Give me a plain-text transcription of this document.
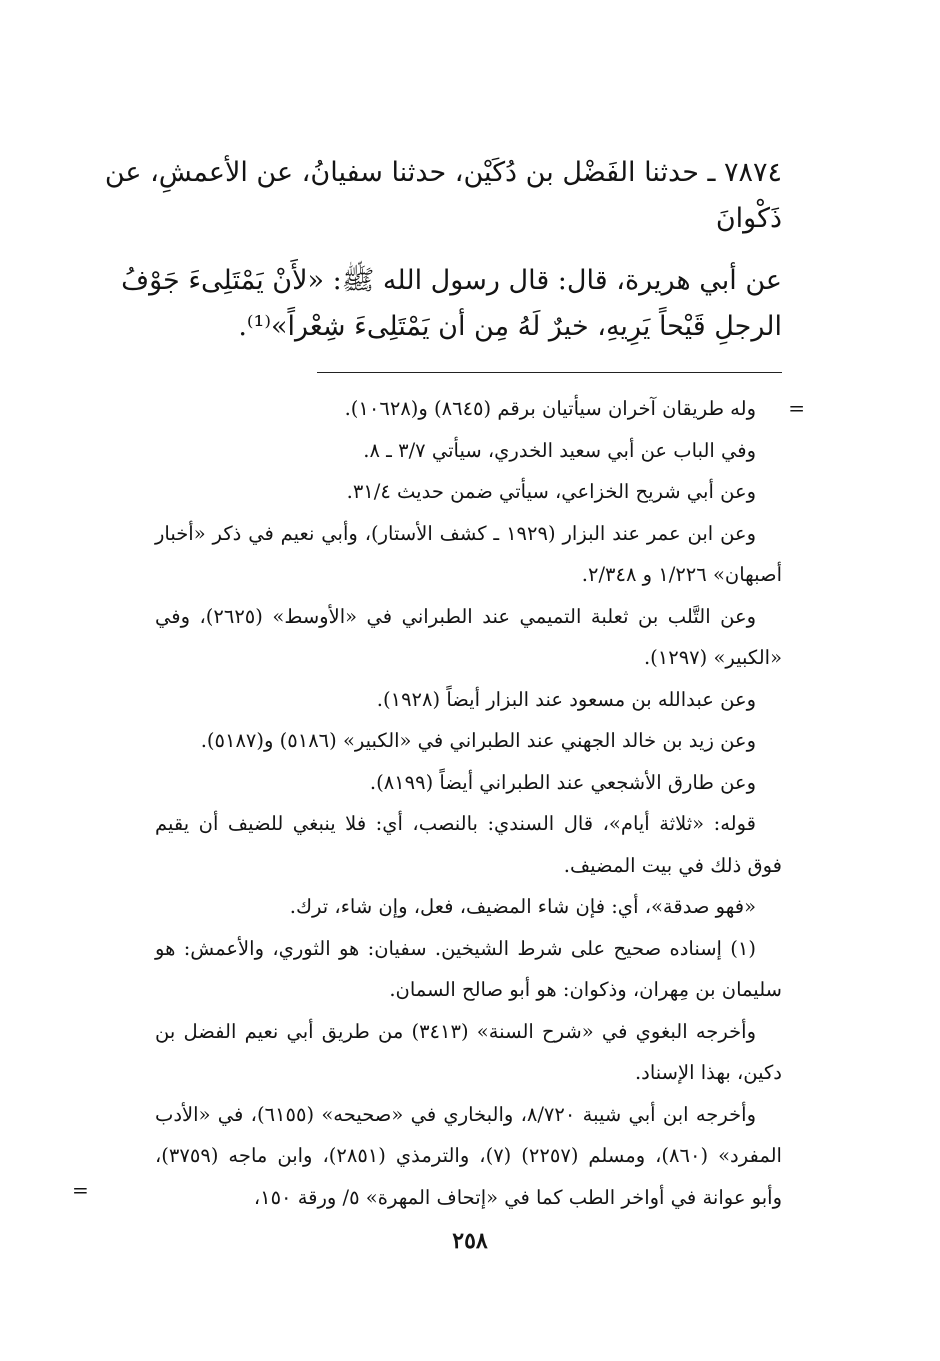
٧٨٧٤ ـ حدثنا الفَضْل بن دُكَيْن، حدثنا سفيانُ، عن الأعمشِ، عن

ذَكْوانَ

عن أبي هريرة، قال: قال رسول الله ﷺ: «لأَنْ يَمْتَلِىءَ جَوْفُ

الرجلِ قَيْحاً يَرِيهِ، خيرٌ لَهُ مِن أن يَمْتَلِىءَ شِعْراً»⁽¹⁾.

=

وله طريقان آخران سيأتيان برقم (٨٦٤٥) و(١٠٦٢٨).

وفي الباب عن أبي سعيد الخدري، سيأتي ٣/٧ ـ ٨.

وعن أبي شريح الخزاعي، سيأتي ضمن حديث ٣١/٤.

وعن ابن عمر عند البزار (١٩٢٩ ـ كشف الأستار)، وأبي نعيم في ذكر «أخبار أصبهان» ١/٢٢٦ و ٢/٣٤٨.

وعن التَّلب بن ثعلبة التميمي عند الطبراني في «الأوسط» (٢٦٢٥)، وفي «الكبير» (١٢٩٧).

وعن عبدالله بن مسعود عند البزار أيضاً (١٩٢٨).

وعن زيد بن خالد الجهني عند الطبراني في «الكبير» (٥١٨٦) و(٥١٨٧).

وعن طارق الأشجعي عند الطبراني أيضاً (٨١٩٩).

قوله: «ثلاثة أيام»، قال السندي: بالنصب، أي: فلا ينبغي للضيف أن يقيم فوق ذلك في بيت المضيف.

«فهو صدقة»، أي: فإن شاء المضيف، فعل، وإن شاء، ترك.

(١) إسناده صحيح على شرط الشيخين. سفيان: هو الثوري، والأعمش: هو سليمان بن مِهران، وذكوان: هو أبو صالح السمان.

وأخرجه البغوي في «شرح السنة» (٣٤١٣) من طريق أبي نعيم الفضل بن دكين، بهذا الإسناد.

وأخرجه ابن أبي شيبة ٨/٧٢٠، والبخاري في «صحيحه» (٦١٥٥)، في «الأدب المفرد» (٨٦٠)، ومسلم (٢٢٥٧) (٧)، والترمذي (٢٨٥١)، وابن ماجه (٣٧٥٩)، وأبو عوانة في أواخر الطب كما في «إتحاف المهرة» ٥/ ورقة ١٥٠،

=
٢٥٨
